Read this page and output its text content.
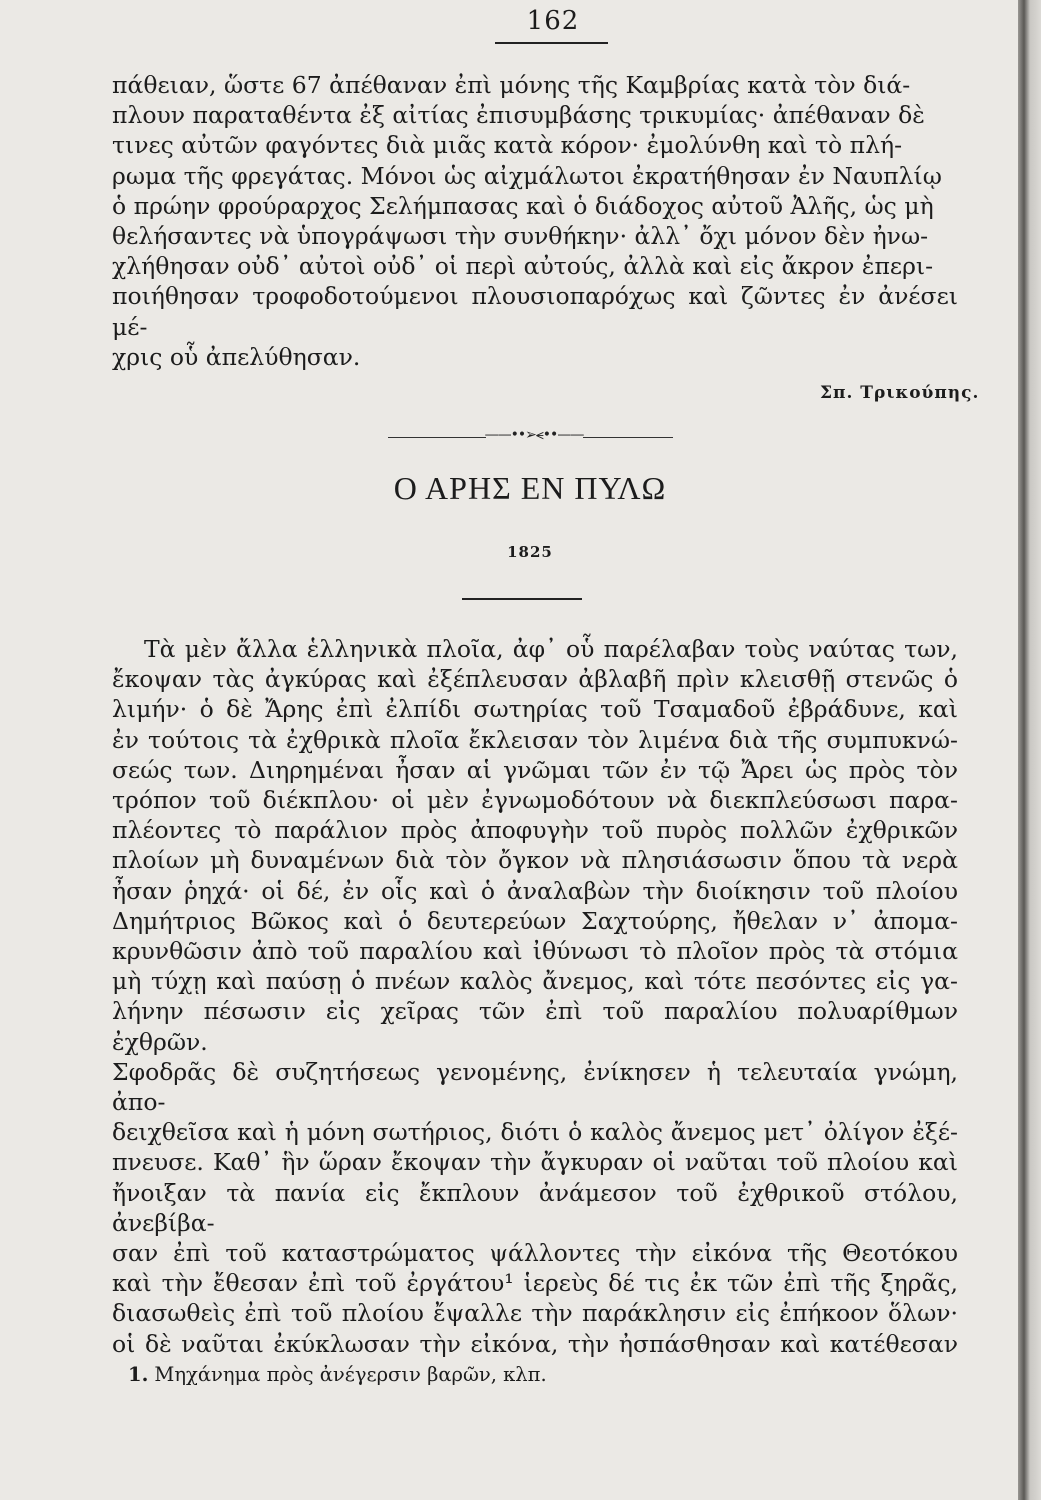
162

πάθειαν, ὥστε 67 ἀπέθαναν ἐπὶ μόνης τῆς Καμβρίας κατὰ τὸν διά-
πλουν παραταθέντα ἐξ αἰτίας ἐπισυμβάσης τρικυμίας· ἀπέθαναν δὲ
τινες αὐτῶν φαγόντες διὰ μιᾶς κατὰ κόρον· ἐμολύνθη καὶ τὸ πλή-
ρωμα τῆς φρεγάτας. Μόνοι ὡς αἰχμάλωτοι ἐκρατήθησαν ἐν Ναυπλίῳ
ὁ πρώην φρούραρχος Σελήμπασας καὶ ὁ διάδοχος αὐτοῦ Ἀλῆς, ὡς μὴ
θελήσαντες νὰ ὑπογράψωσι τὴν συνθήκην· ἀλλ᾽ ὄχι μόνον δὲν ἠνω-
χλήθησαν οὐδ᾽ αὐτοὶ οὐδ᾽ οἱ περὶ αὐτούς, ἀλλὰ καὶ εἰς ἄκρον ἐπερι-
ποιήθησαν τροφοδοτούμενοι πλουσιοπαρόχως καὶ ζῶντες ἐν ἀνέσει μέ-
χρις οὗ ἀπελύθησαν.

Σπ. Τρικούπης.
——••➢⪪••——
Ο ΑΡΗΣ ΕΝ ΠΥΛΩ
1825

Τὰ μὲν ἄλλα ἑλληνικὰ πλοῖα, ἀφ᾽ οὗ παρέλαβαν τοὺς ναύτας των,
ἔκοψαν τὰς ἀγκύρας καὶ ἐξέπλευσαν ἀβλαβῆ πρὶν κλεισθῇ στενῶς ὁ
λιμήν· ὁ δὲ Ἄρης ἐπὶ ἐλπίδι σωτηρίας τοῦ Τσαμαδοῦ ἐβράδυνε, καὶ
ἐν τούτοις τὰ ἐχθρικὰ πλοῖα ἔκλεισαν τὸν λιμένα διὰ τῆς συμπυκνώ-
σεώς των. Διηρημέναι ἦσαν αἱ γνῶμαι τῶν ἐν τῷ Ἄρει ὡς πρὸς τὸν
τρόπον τοῦ διέκπλου· οἱ μὲν ἐγνωμοδότουν νὰ διεκπλεύσωσι παρα-
πλέοντες τὸ παράλιον πρὸς ἀποφυγὴν τοῦ πυρὸς πολλῶν ἐχθρικῶν
πλοίων μὴ δυναμένων διὰ τὸν ὄγκον νὰ πλησιάσωσιν ὅπου τὰ νερὰ
ἦσαν ῥηχά· οἱ δέ, ἐν οἷς καὶ ὁ ἀναλαβὼν τὴν διοίκησιν τοῦ πλοίου
Δημήτριος Βῶκος καὶ ὁ δευτερεύων Σαχτούρης, ἤθελαν ν᾽ ἀπομα-
κρυνθῶσιν ἀπὸ τοῦ παραλίου καὶ ἰθύνωσι τὸ πλοῖον πρὸς τὰ στόμια
μὴ τύχῃ καὶ παύσῃ ὁ πνέων καλὸς ἄνεμος, καὶ τότε πεσόντες εἰς γα-
λήνην πέσωσιν εἰς χεῖρας τῶν ἐπὶ τοῦ παραλίου πολυαρίθμων ἐχθρῶν.
Σφοδρᾶς δὲ συζητήσεως γενομένης, ἐνίκησεν ἡ τελευταία γνώμη, ἀπο-
δειχθεῖσα καὶ ἡ μόνη σωτήριος, διότι ὁ καλὸς ἄνεμος μετ᾽ ὀλίγον ἐξέ-
πνευσε. Καθ᾽ ἣν ὥραν ἔκοψαν τὴν ἄγκυραν οἱ ναῦται τοῦ πλοίου καὶ
ἤνοιξαν τὰ πανία εἰς ἔκπλουν ἀνάμεσον τοῦ ἐχθρικοῦ στόλου, ἀνεβίβα-
σαν ἐπὶ τοῦ καταστρώματος ψάλλοντες τὴν εἰκόνα τῆς Θεοτόκου
καὶ τὴν ἔθεσαν ἐπὶ τοῦ ἐργάτου¹ ἱερεὺς δέ τις ἐκ τῶν ἐπὶ τῆς ξηρᾶς,
διασωθεὶς ἐπὶ τοῦ πλοίου ἔψαλλε τὴν παράκλησιν εἰς ἐπήκοον ὅλων·
οἱ δὲ ναῦται ἐκύκλωσαν τὴν εἰκόνα, τὴν ἠσπάσθησαν καὶ κατέθεσαν

1. Μηχάνημα πρὸς ἀνέγερσιν βαρῶν, κλπ.
